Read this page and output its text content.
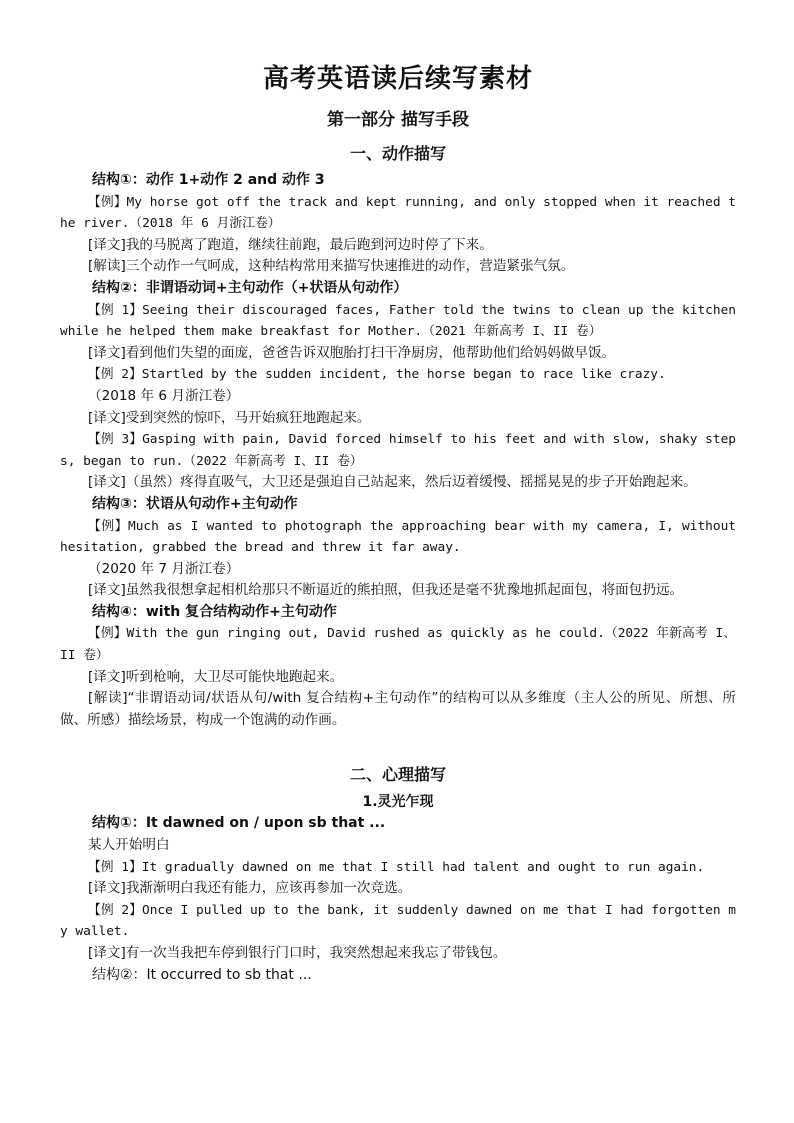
高考英语读后续写素材
第一部分 描写手段
一、动作描写
结构①：动作 1+动作 2 and 动作 3
【例】My horse got off the track and kept running, and only stopped when it reached the river.（2018 年 6 月浙江卷）
[译文]我的马脱离了跑道，继续往前跑，最后跑到河边时停了下来。
[解读]三个动作一气呵成，这种结构常用来描写快速推进的动作，营造紧张气氛。
结构②：非谓语动词+主句动作（+状语从句动作）
【例 1】Seeing their discouraged faces, Father told the twins to clean up the kitchen while he helped them make breakfast for Mother.（2021 年新高考 I、II 卷）
[译文]看到他们失望的面庞，爸爸告诉双胞胎打扫干净厨房，他帮助他们给妈妈做早饭。
【例 2】Startled by the sudden incident, the horse began to race like crazy.
（2018 年 6 月浙江卷）
[译文]受到突然的惊吓，马开始疯狂地跑起来。
【例 3】Gasping with pain, David forced himself to his feet and with slow, shaky steps, began to run.（2022 年新高考 I、II 卷）
[译文]（虽然）疼得直吸气，大卫还是强迫自己站起来，然后迈着缓慢、摇摇晃晃的步子开始跑起来。
结构③：状语从句动作+主句动作
【例】Much as I wanted to photograph the approaching bear with my camera, I, without hesitation, grabbed the bread and threw it far away.
（2020 年 7 月浙江卷）
[译文]虽然我很想拿起相机给那只不断逼近的熊拍照，但我还是毫不犹豫地抓起面包，将面包扔远。
结构④：with 复合结构动作+主句动作
【例】With the gun ringing out, David rushed as quickly as he could.（2022 年新高考 I、II 卷）
[译文]听到枪响，大卫尽可能快地跑起来。
[解读]“非谓语动词/状语从句/with 复合结构+主句动作”的结构可以从多维度（主人公的所见、所想、所做、所感）描绘场景，构成一个饱满的动作画。
二、心理描写
1.灵光乍现
结构①：It dawned on / upon sb that ...
某人开始明白
【例 1】It gradually dawned on me that I still had talent and ought to run again.
[译文]我渐渐明白我还有能力，应该再参加一次竞选。
【例 2】Once I pulled up to the bank, it suddenly dawned on me that I had forgotten my wallet.
[译文]有一次当我把车停到银行门口时，我突然想起来我忘了带钱包。
结构②：It occurred to sb that ...
